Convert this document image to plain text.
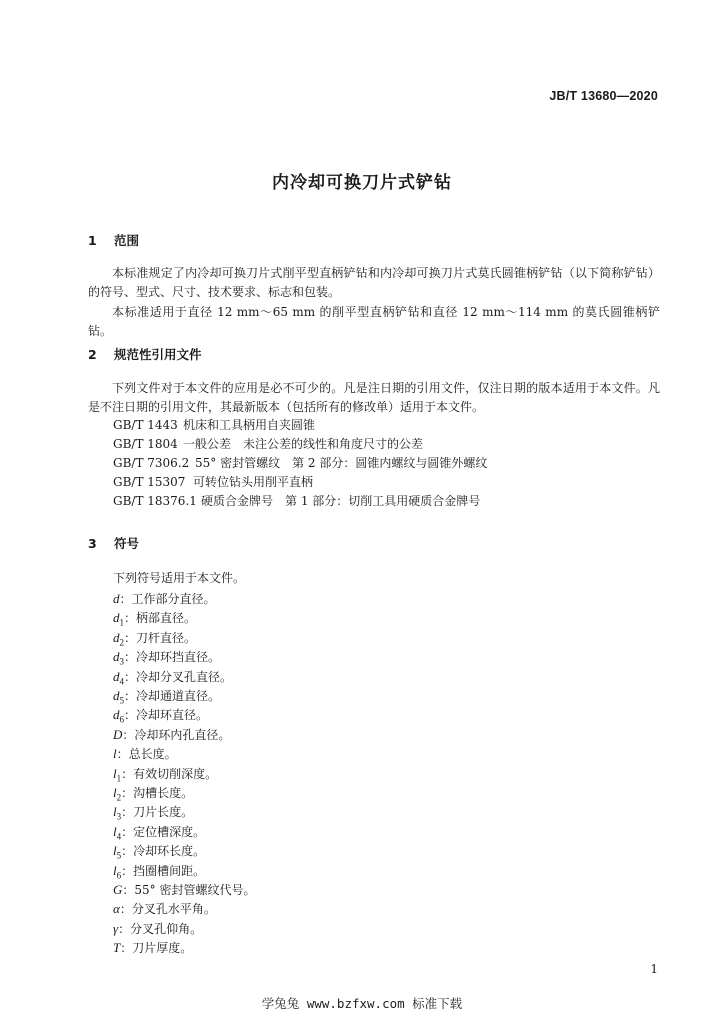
JB/T 13680—2020
内冷却可换刀片式铲钻
1 范围
本标准规定了内冷却可换刀片式削平型直柄铲钻和内冷却可换刀片式莫氏圆锥柄铲钻（以下简称铲钻）的符号、型式、尺寸、技术要求、标志和包装。
本标准适用于直径 12 mm～65 mm 的削平型直柄铲钻和直径 12 mm～114 mm 的莫氏圆锥柄铲钻。
2 规范性引用文件
下列文件对于本文件的应用是必不可少的。凡是注日期的引用文件，仅注日期的版本适用于本文件。凡是不注日期的引用文件，其最新版本（包括所有的修改单）适用于本文件。
GB/T 1443 机床和工具柄用自夹圆锥
GB/T 1804 一般公差　未注公差的线性和角度尺寸的公差
GB/T 7306.2 55° 密封管螺纹　第 2 部分：圆锥内螺纹与圆锥外螺纹
GB/T 15307 可转位钻头用削平直柄
GB/T 18376.1 硬质合金牌号　第 1 部分：切削工具用硬质合金牌号
3 符号
下列符号适用于本文件。
d：工作部分直径。
$d_1$：柄部直径。
$d_2$：刀杆直径。
$d_3$：冷却环挡直径。
$d_4$：冷却分叉孔直径。
$d_5$：冷却通道直径。
$d_6$：冷却环直径。
D：冷却环内孔直径。
l：总长度。
$l_1$：有效切削深度。
$l_2$：沟槽长度。
$l_3$：刀片长度。
$l_4$：定位槽深度。
$l_5$：冷却环长度。
$l_6$：挡圈槽间距。
G：55° 密封管螺纹代号。
α：分叉孔水平角。
γ：分叉孔仰角。
T：刀片厚度。
1
学兔兔 www.bzfxw.com 标准下载
